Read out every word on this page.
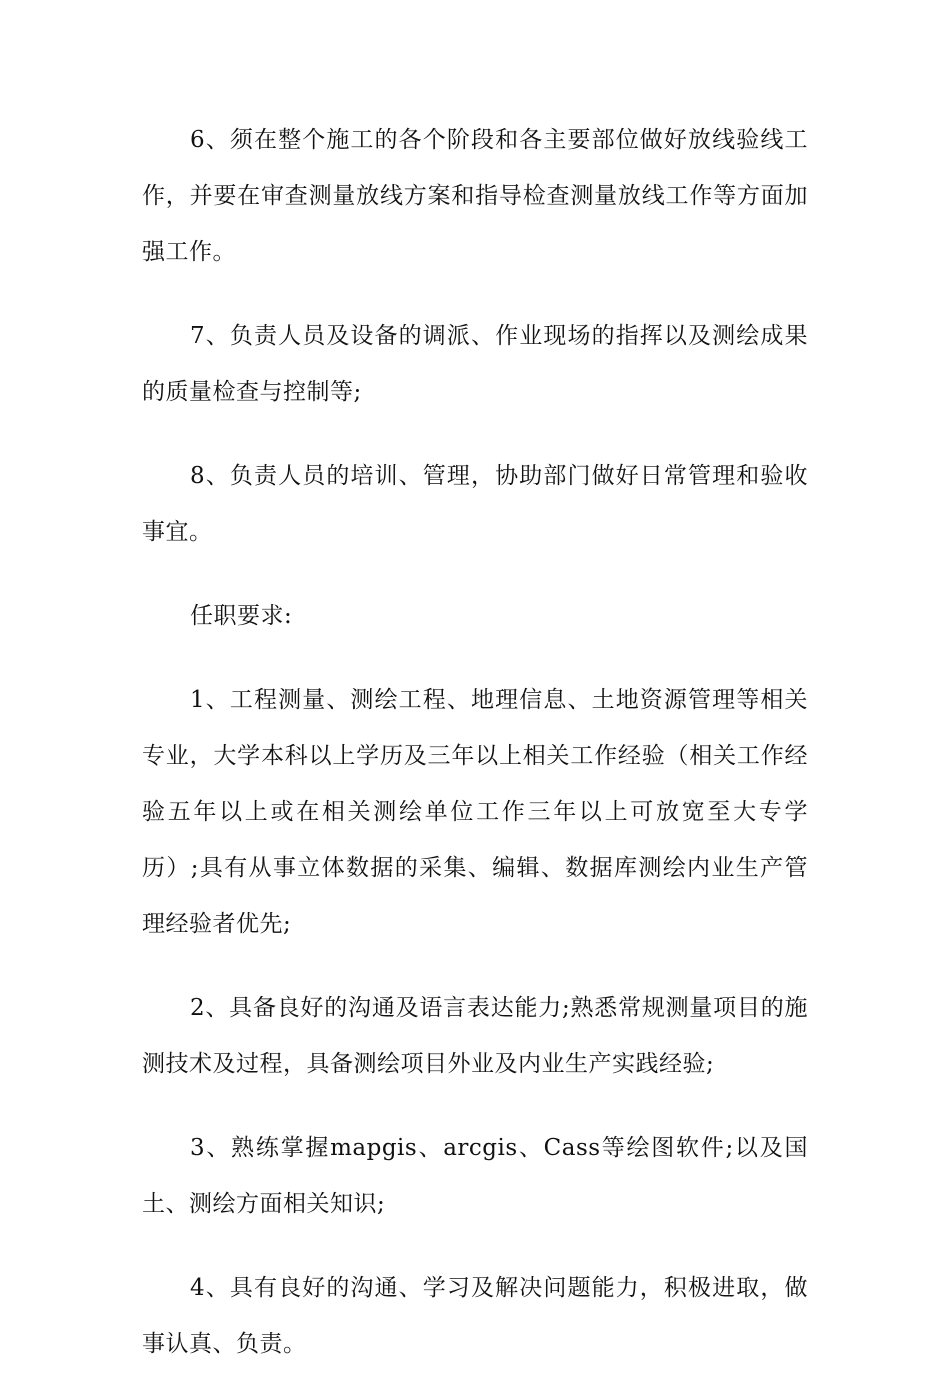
6、须在整个施工的各个阶段和各主要部位做好放线验线工作，并要在审查测量放线方案和指导检查测量放线工作等方面加强工作。

7、负责人员及设备的调派、作业现场的指挥以及测绘成果的质量检查与控制等;

8、负责人员的培训、管理，协助部门做好日常管理和验收事宜。

任职要求:

1、工程测量、测绘工程、地理信息、土地资源管理等相关专业，大学本科以上学历及三年以上相关工作经验（相关工作经验五年以上或在相关测绘单位工作三年以上可放宽至大专学历）;具有从事立体数据的采集、编辑、数据库测绘内业生产管理经验者优先;

2、具备良好的沟通及语言表达能力;熟悉常规测量项目的施测技术及过程，具备测绘项目外业及内业生产实践经验;

3、熟练掌握mapgis、arcgis、Cass等绘图软件;以及国土、测绘方面相关知识;

4、具有良好的沟通、学习及解决问题能力，积极进取，做事认真、负责。
